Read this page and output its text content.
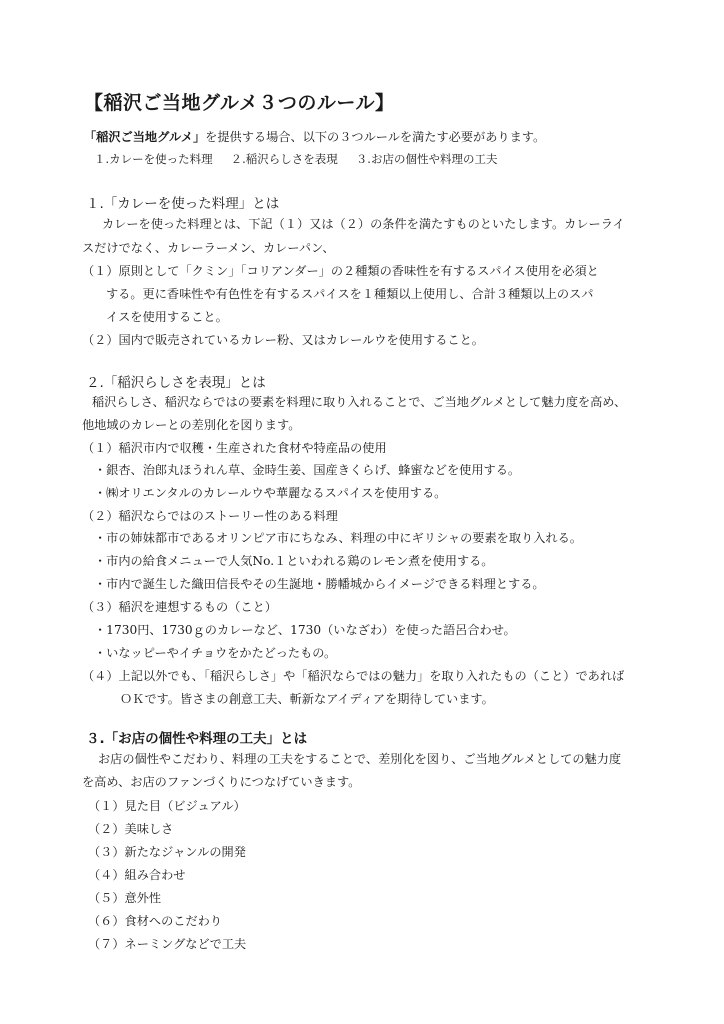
【稲沢ご当地グルメ３つのルール】
「稲沢ご当地グルメ」を提供する場合、以下の３つルールを満たす必要があります。
１.カレーを使った料理 ２.稲沢らしさを表現 ３.お店の個性や料理の工夫
１.「カレーを使った料理」とは
カレーを使った料理とは、下記（１）又は（２）の条件を満たすものといたします。カレーライ
スだけでなく、カレーラーメン、カレーパン、
（１）原則として「クミン」「コリアンダー」の２種類の香味性を有するスパイス使用を必須と
する。更に香味性や有色性を有するスパイスを１種類以上使用し、合計３種類以上のスパ
イスを使用すること。
（２）国内で販売されているカレー粉、又はカレールウを使用すること。
２.「稲沢らしさを表現」とは
稲沢らしさ、稲沢ならではの要素を料理に取り入れることで、ご当地グルメとして魅力度を高め、
他地域のカレーとの差別化を図ります。
（１）稲沢市内で収穫・生産された食材や特産品の使用
・銀杏、治郎丸ほうれん草、金時生姜、国産きくらげ、蜂蜜などを使用する。
・㈱オリエンタルのカレールウや華麗なるスパイスを使用する。
（２）稲沢ならではのストーリー性のある料理
・市の姉妹都市であるオリンピア市にちなみ、料理の中にギリシャの要素を取り入れる。
・市内の給食メニューで人気No.１といわれる鶏のレモン煮を使用する。
・市内で誕生した織田信長やその生誕地・勝幡城からイメージできる料理とする。
（３）稲沢を連想するもの（こと）
・1730円、1730ｇのカレーなど、1730（いなざわ）を使った語呂合わせ。
・いなッピーやイチョウをかたどったもの。
（４）上記以外でも、「稲沢らしさ」や「稲沢ならではの魅力」を取り入れたもの（こと）であれば
ＯＫです。皆さまの創意工夫、斬新なアイディアを期待しています。
３.「お店の個性や料理の工夫」とは
お店の個性やこだわり、料理の工夫をすることで、差別化を図り、ご当地グルメとしての魅力度
を高め、お店のファンづくりにつなげていきます。
（１）見た目（ビジュアル）
（２）美味しさ
（３）新たなジャンルの開発
（４）組み合わせ
（５）意外性
（６）食材へのこだわり
（７）ネーミングなどで工夫
